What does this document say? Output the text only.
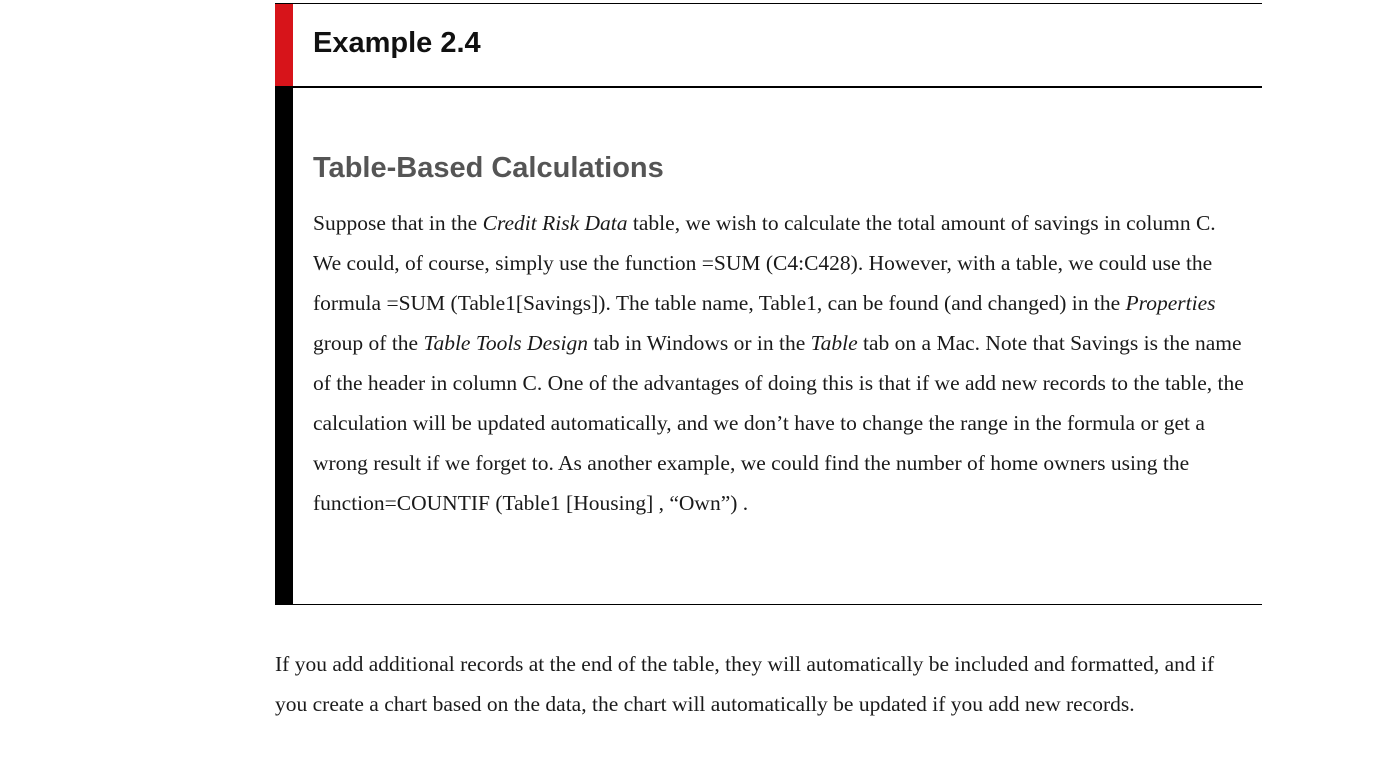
Example 2.4
Table-Based Calculations

Suppose that in the Credit Risk Data table, we wish to calculate the total amount of savings in column C. We could, of course, simply use the function =SUM (C4:C428). However, with a table, we could use the formula =SUM (Table1[Savings]). The table name, Table1, can be found (and changed) in the Properties group of the Table Tools Design tab in Windows or in the Table tab on a Mac. Note that Savings is the name of the header in column C. One of the advantages of doing this is that if we add new records to the table, the calculation will be updated automatically, and we don’t have to change the range in the formula or get a wrong result if we forget to. As another example, we could find the number of home owners using the function=COUNTIF (Table1 [Housing] , “Own”) .

If you add additional records at the end of the table, they will automatically be included and formatted, and if you create a chart based on the data, the chart will automatically be updated if you add new records.
